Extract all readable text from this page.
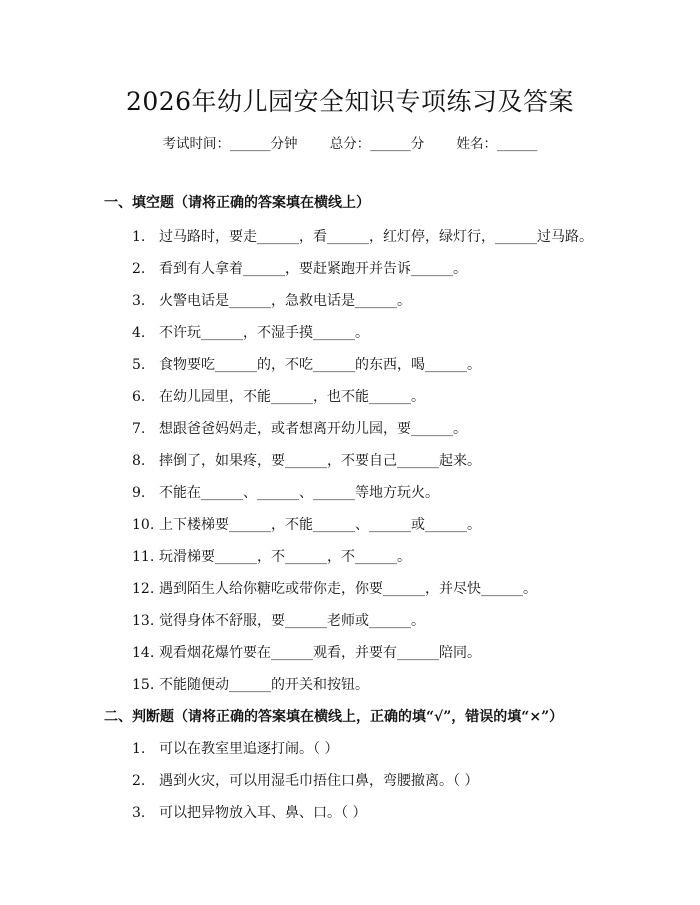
2026年幼儿园安全知识专项练习及答案
考试时间：______分钟 总分：______分 姓名：______
一、填空题（请将正确的答案填在横线上）
1. 过马路时，要走______，看______，红灯停，绿灯行，______过马路。
2. 看到有人拿着______，要赶紧跑开并告诉______。
3. 火警电话是______，急救电话是______。
4. 不许玩______，不湿手摸______。
5. 食物要吃______的，不吃______的东西，喝______。
6. 在幼儿园里，不能______，也不能______。
7. 想跟爸爸妈妈走，或者想离开幼儿园，要______。
8. 摔倒了，如果疼，要______，不要自己______起来。
9. 不能在______、______、______等地方玩火。
10. 上下楼梯要______，不能______、______或______。
11. 玩滑梯要______，不______，不______。
12. 遇到陌生人给你糖吃或带你走，你要______，并尽快______。
13. 觉得身体不舒服，要______老师或______。
14. 观看烟花爆竹要在______观看，并要有______陪同。
15. 不能随便动______的开关和按钮。
二、判断题（请将正确的答案填在横线上，正确的填“√”，错误的填“×”）
1. 可以在教室里追逐打闹。（ ）
2. 遇到火灾，可以用湿毛巾捂住口鼻，弯腰撤离。（ ）
3. 可以把异物放入耳、鼻、口。（ ）
